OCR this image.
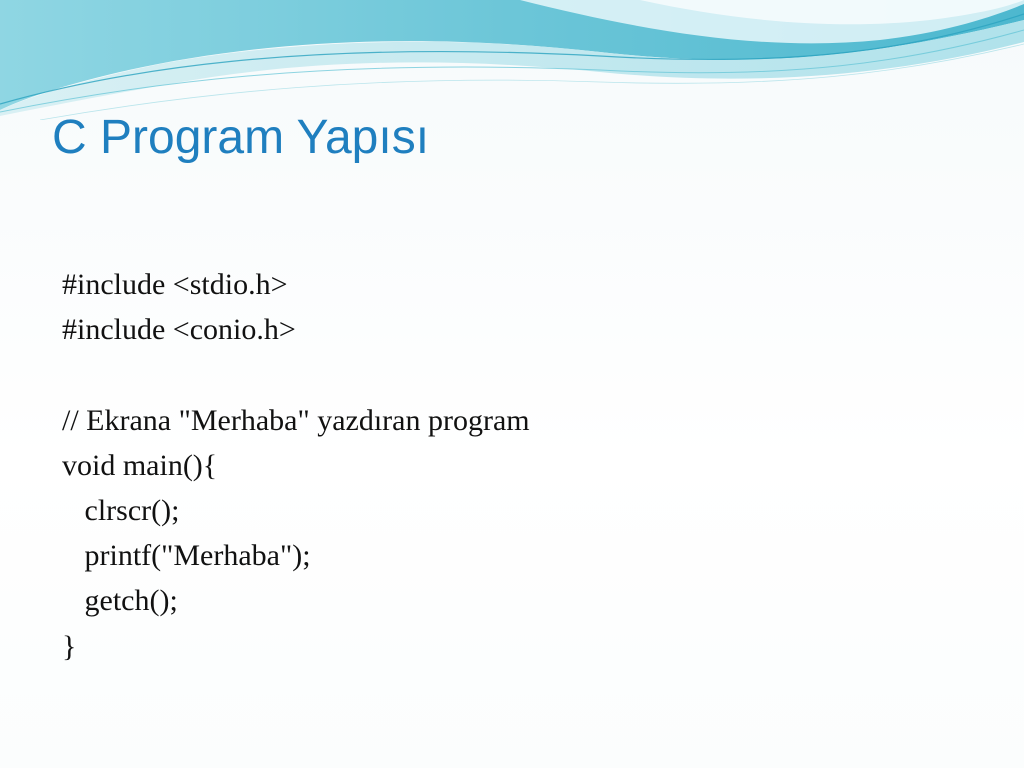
C Program Yapısı
#include <stdio.h>
#include <conio.h>
// Ekrana "Merhaba" yazdıran program
void main(){
clrscr();
printf("Merhaba");
getch();
}
